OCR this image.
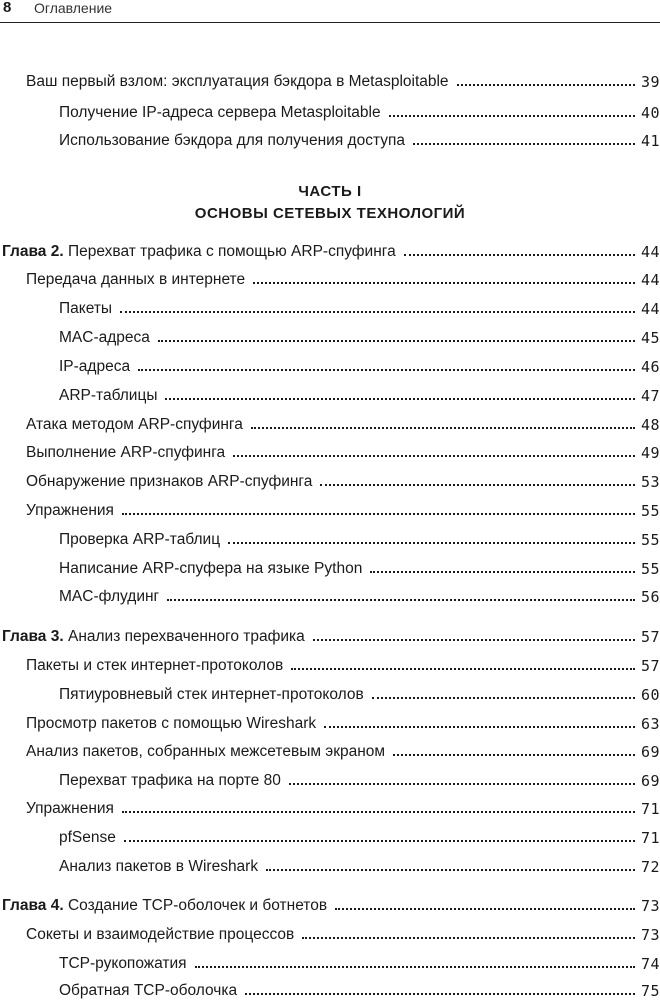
8 Оглавление
Ваш первый взлом: эксплуатация бэкдора в Metasploitable	39
Получение IP-адреса сервера Metasploitable	40
Использование бэкдора для получения доступа	41
ЧАСТЬ I
ОСНОВЫ СЕТЕВЫХ ТЕХНОЛОГИЙ
Глава 2. Перехват трафика с помощью ARP-спуфинга	44
Передача данных в интернете	44
Пакеты	44
MAC-адреса	45
IP-адреса	46
ARP-таблицы	47
Атака методом ARP-спуфинга	48
Выполнение ARP-спуфинга	49
Обнаружение признаков ARP-спуфинга	53
Упражнения	55
Проверка ARP-таблиц	55
Написание ARP-спуфера на языке Python	55
MAC-флудинг	56
Глава 3. Анализ перехваченного трафика	57
Пакеты и стек интернет-протоколов	57
Пятиуровневый стек интернет-протоколов	60
Просмотр пакетов с помощью Wireshark	63
Анализ пакетов, собранных межсетевым экраном	69
Перехват трафика на порте 80	69
Упражнения	71
pfSense	71
Анализ пакетов в Wireshark	72
Глава 4. Создание TCP-оболочек и ботнетов	73
Сокеты и взаимодействие процессов	73
TCP-рукопожатия	74
Обратная TCP-оболочка	75
